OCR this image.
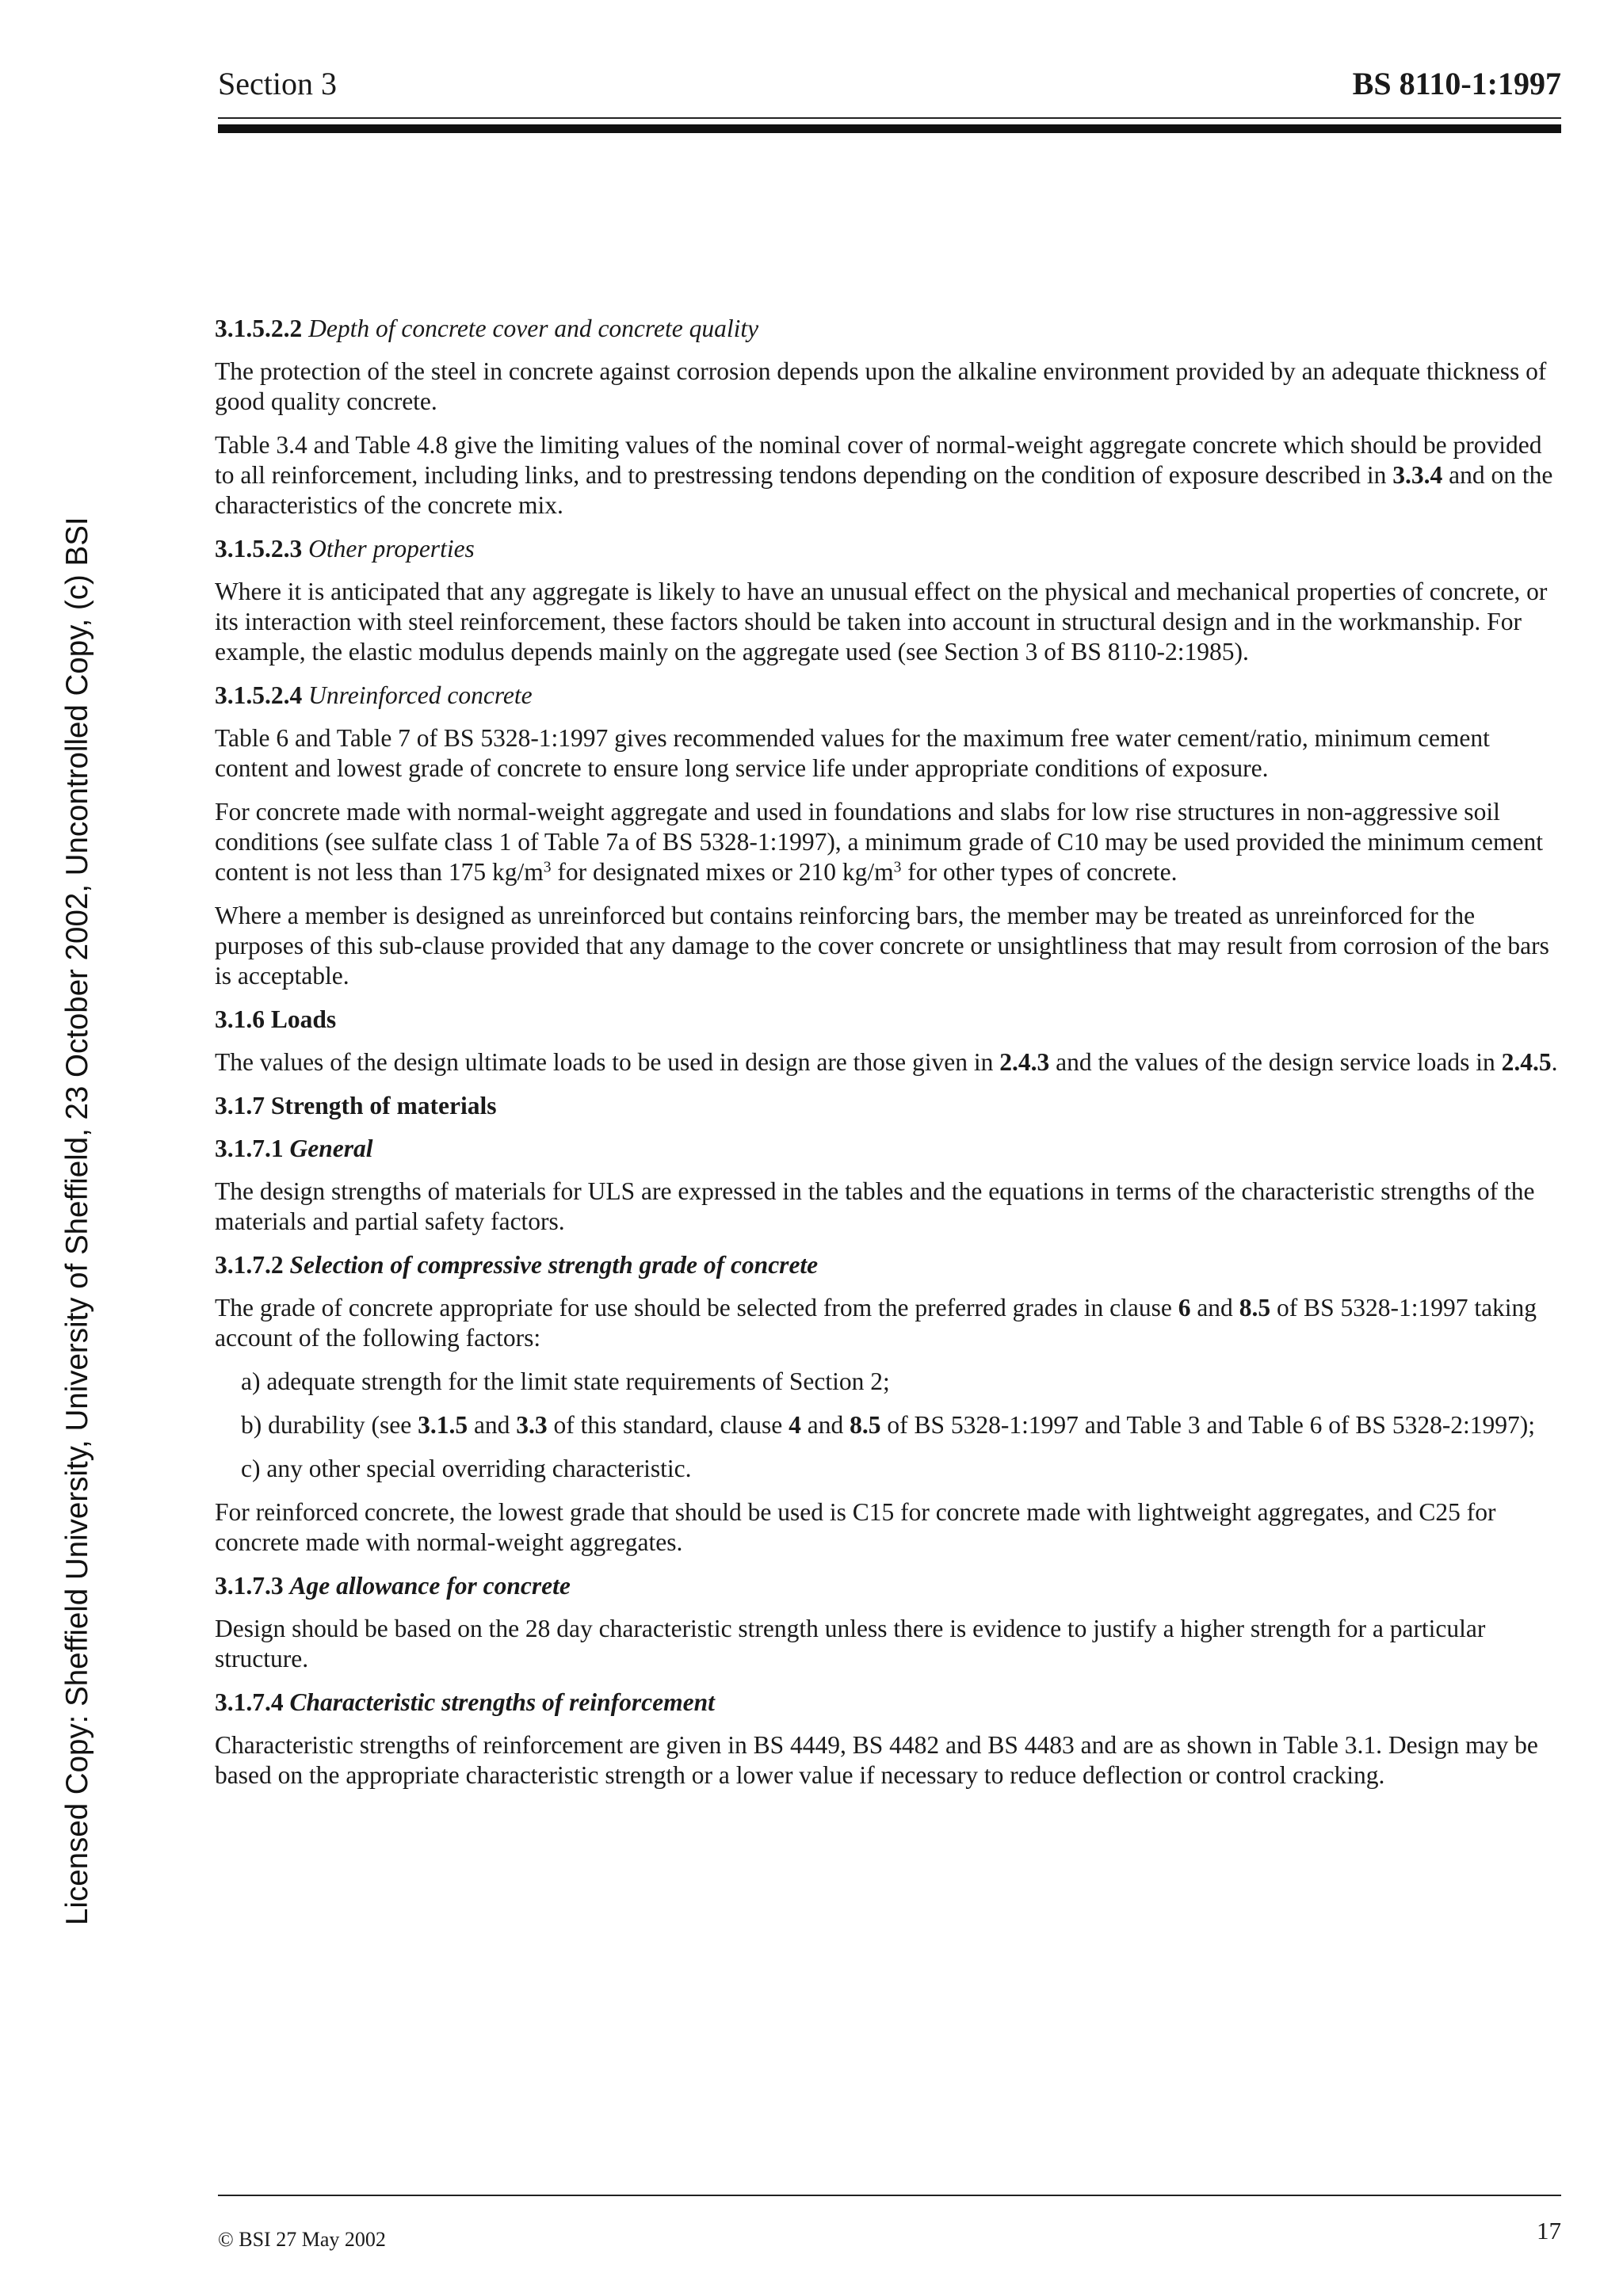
Section 3	BS 8110-1:1997
Licensed Copy: Sheffield University, University of Sheffield, 23 October 2002, Uncontrolled Copy, (c) BSI

3.1.5.2.2 Depth of concrete cover and concrete quality

The protection of the steel in concrete against corrosion depends upon the alkaline environment provided by an adequate thickness of good quality concrete.

Table 3.4 and Table 4.8 give the limiting values of the nominal cover of normal-weight aggregate concrete which should be provided to all reinforcement, including links, and to prestressing tendons depending on the condition of exposure described in 3.3.4 and on the characteristics of the concrete mix.

3.1.5.2.3 Other properties

Where it is anticipated that any aggregate is likely to have an unusual effect on the physical and mechanical properties of concrete, or its interaction with steel reinforcement, these factors should be taken into account in structural design and in the workmanship. For example, the elastic modulus depends mainly on the aggregate used (see Section 3 of BS 8110-2:1985).

3.1.5.2.4 Unreinforced concrete

Table 6 and Table 7 of BS 5328-1:1997 gives recommended values for the maximum free water cement/ratio, minimum cement content and lowest grade of concrete to ensure long service life under appropriate conditions of exposure.

For concrete made with normal-weight aggregate and used in foundations and slabs for low rise structures in non-aggressive soil conditions (see sulfate class 1 of Table 7a of BS 5328-1:1997), a minimum grade of C10 may be used provided the minimum cement content is not less than 175 $kg/m^3$ for designated mixes or 210 $kg/m^3$ for other types of concrete.

Where a member is designed as unreinforced but contains reinforcing bars, the member may be treated as unreinforced for the purposes of this sub-clause provided that any damage to the cover concrete or unsightliness that may result from corrosion of the bars is acceptable.

3.1.6 Loads

The values of the design ultimate loads to be used in design are those given in 2.4.3 and the values of the design service loads in 2.4.5.

3.1.7 Strength of materials

3.1.7.1 General

The design strengths of materials for ULS are expressed in the tables and the equations in terms of the characteristic strengths of the materials and partial safety factors.

3.1.7.2 Selection of compressive strength grade of concrete

The grade of concrete appropriate for use should be selected from the preferred grades in clause 6 and 8.5 of BS 5328-1:1997 taking account of the following factors:

a) adequate strength for the limit state requirements of Section 2;

b) durability (see 3.1.5 and 3.3 of this standard, clause 4 and 8.5 of BS 5328-1:1997 and Table 3 and Table 6 of BS 5328-2:1997);

c) any other special overriding characteristic.

For reinforced concrete, the lowest grade that should be used is C15 for concrete made with lightweight aggregates, and C25 for concrete made with normal-weight aggregates.

3.1.7.3 Age allowance for concrete

Design should be based on the 28 day characteristic strength unless there is evidence to justify a higher strength for a particular structure.

3.1.7.4 Characteristic strengths of reinforcement

Characteristic strengths of reinforcement are given in BS 4449, BS 4482 and BS 4483 and are as shown in Table 3.1. Design may be based on the appropriate characteristic strength or a lower value if necessary to reduce deflection or control cracking.

© BSI 27 May 2002	17
